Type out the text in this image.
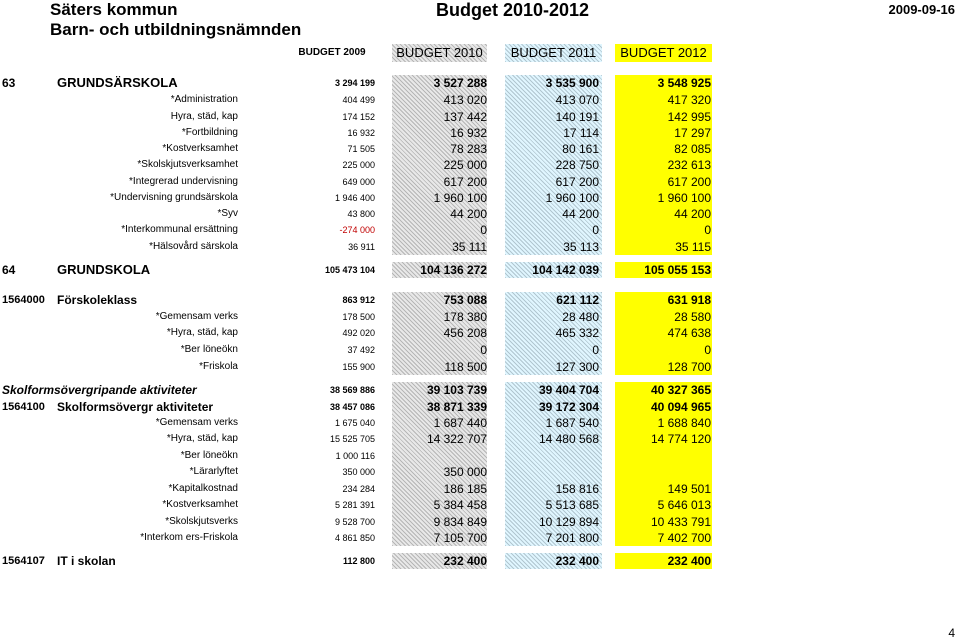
Säters kommun
Barn- och utbildningsnämnden
Budget 2010-2012	2009-09-16
BUDGET 2009	BUDGET 2010	BUDGET 2011	BUDGET 2012
63	GRUNDSÄRSKOLA	3 294 199	3 527 288	3 535 900	3 548 925
*Administration	404 499	413 020	413 070	417 320
Hyra, städ, kap	174 152	137 442	140 191	142 995
*Fortbildning	16 932	16 932	17 114	17 297
*Kostverksamhet	71 505	78 283	80 161	82 085
*Skolskjutsverksamhet	225 000	225 000	228 750	232 613
*Integrerad undervisning	649 000	617 200	617 200	617 200
*Undervisning grundsärskola	1 946 400	1 960 100	1 960 100	1 960 100
*Syv	43 800	44 200	44 200	44 200
*Interkommunal ersättning	-274 000	0	0	0
*Hälsovård särskola	36 911	35 111	35 113	35 115
64	GRUNDSKOLA	105 473 104	104 136 272	104 142 039	105 055 153
1564000 Förskoleklass	863 912	753 088	621 112	631 918
*Gemensam verks	178 500	178 380	28 480	28 580
*Hyra, städ, kap	492 020	456 208	465 332	474 638
*Ber löneökn	37 492	0	0	0
*Friskola	155 900	118 500	127 300	128 700
Skolformsövergripande aktiviteter	38 569 886	39 103 739	39 404 704	40 327 365
1564100 Skolformsövergr aktiviteter	38 457 086	38 871 339	39 172 304	40 094 965
*Gemensam verks	1 675 040	1 687 440	1 687 540	1 688 840
*Hyra, städ, kap	15 525 705	14 322 707	14 480 568	14 774 120
*Ber löneökn	1 000 116
*Lärarlyftet	350 000	350 000
*Kapitalkostnad	234 284	186 185	158 816	149 501
*Kostverksamhet	5 281 391	5 384 458	5 513 685	5 646 013
*Skolskjutsverks	9 528 700	9 834 849	10 129 894	10 433 791
*Interkom ers-Friskola	4 861 850	7 105 700	7 201 800	7 402 700
1564107 IT i skolan	112 800	232 400	232 400	232 400
4
